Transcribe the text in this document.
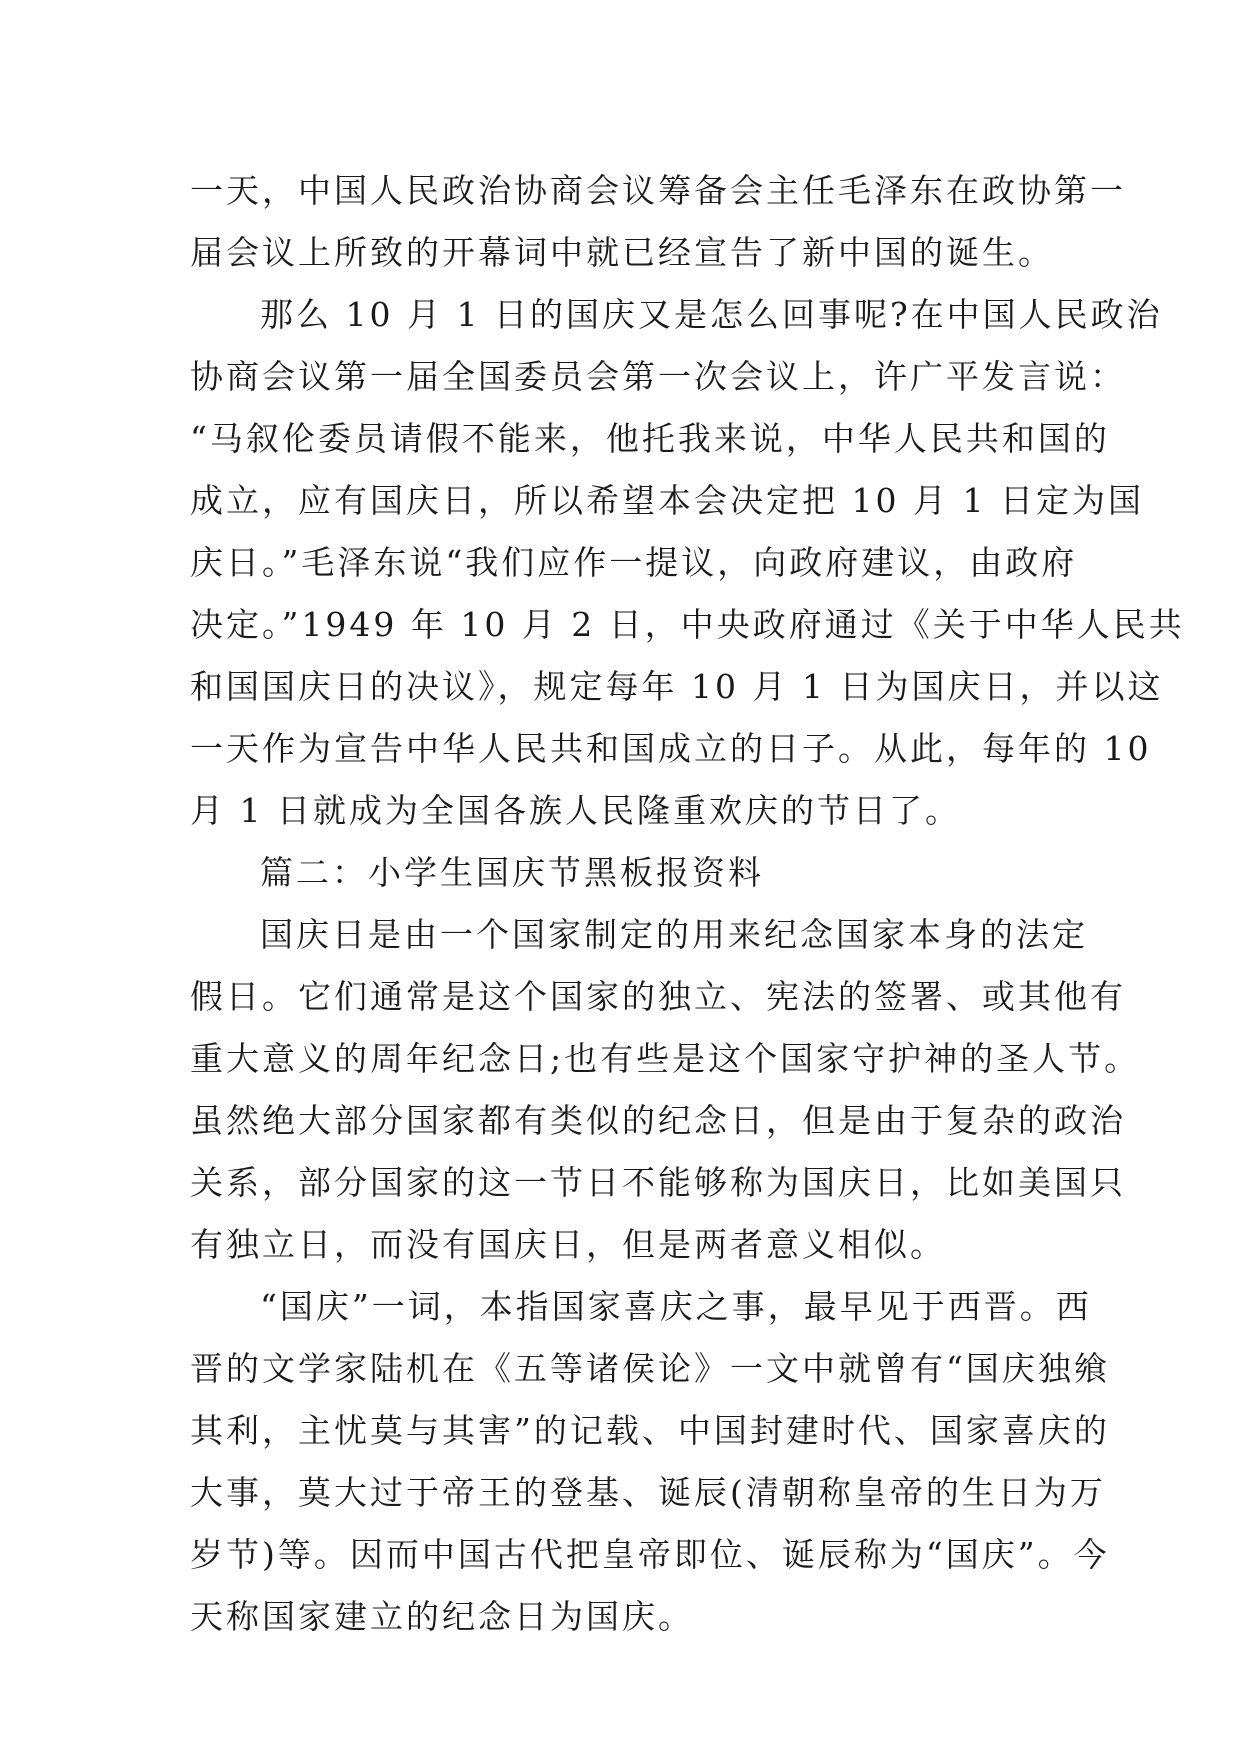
一天，中国人民政治协商会议筹备会主任毛泽东在政协第一
届会议上所致的开幕词中就已经宣告了新中国的诞生。
那么 10 月 1 日的国庆又是怎么回事呢?在中国人民政治
协商会议第一届全国委员会第一次会议上，许广平发言说：
“马叙伦委员请假不能来，他托我来说，中华人民共和国的
成立，应有国庆日，所以希望本会决定把 10 月 1 日定为国
庆日。”毛泽东说“我们应作一提议，向政府建议，由政府
决定。”1949 年 10 月 2 日，中央政府通过《关于中华人民共
和国国庆日的决议》，规定每年 10 月 1 日为国庆日，并以这
一天作为宣告中华人民共和国成立的日子。从此，每年的 10
月 1 日就成为全国各族人民隆重欢庆的节日了。
篇二：小学生国庆节黑板报资料
国庆日是由一个国家制定的用来纪念国家本身的法定
假日。它们通常是这个国家的独立、宪法的签署、或其他有
重大意义的周年纪念日;也有些是这个国家守护神的圣人节。
虽然绝大部分国家都有类似的纪念日，但是由于复杂的政治
关系，部分国家的这一节日不能够称为国庆日，比如美国只
有独立日，而没有国庆日，但是两者意义相似。
“国庆”一词，本指国家喜庆之事，最早见于西晋。西
晋的文学家陆机在《五等诸侯论》一文中就曾有“国庆独飨
其利，主忧莫与其害”的记载、中国封建时代、国家喜庆的
大事，莫大过于帝王的登基、诞辰(清朝称皇帝的生日为万
岁节)等。因而中国古代把皇帝即位、诞辰称为“国庆”。今
天称国家建立的纪念日为国庆。
